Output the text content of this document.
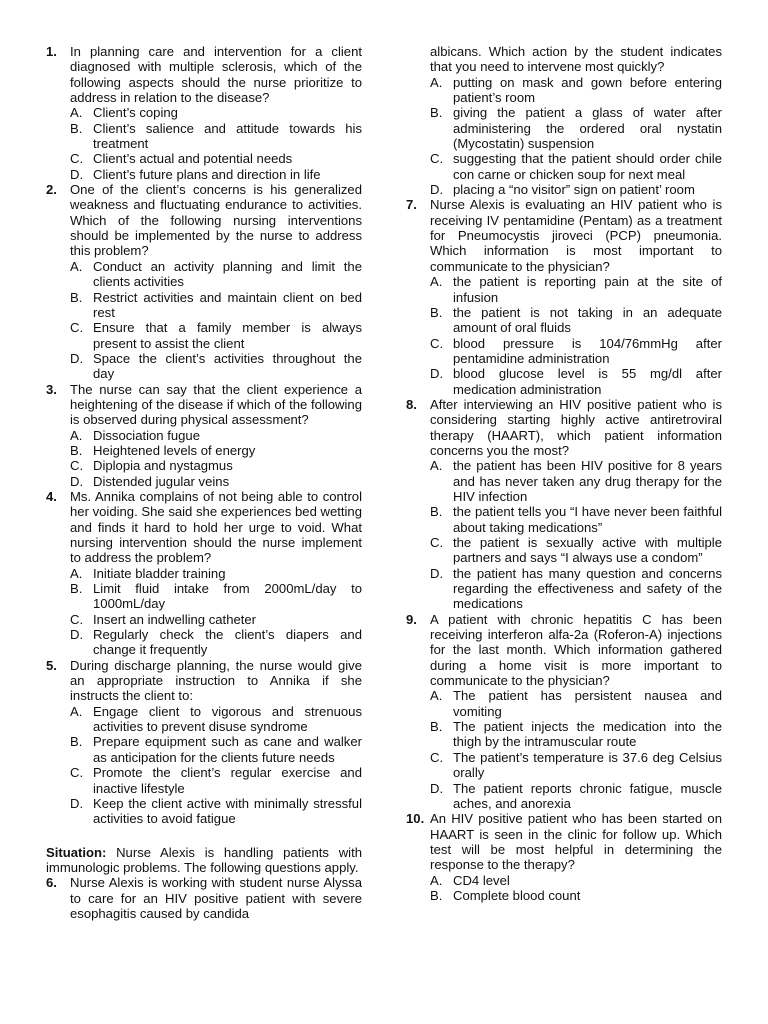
1. In planning care and intervention for a client diagnosed with multiple sclerosis, which of the following aspects should the nurse prioritize to address in relation to the disease?
A. Client’s coping
B. Client’s salience and attitude towards his treatment
C. Client’s actual and potential needs
D. Client’s future plans and direction in life
2. One of the client’s concerns is his generalized weakness and fluctuating endurance to activities. Which of the following nursing interventions should be implemented by the nurse to address this problem?
A. Conduct an activity planning and limit the clients activities
B. Restrict activities and maintain client on bed rest
C. Ensure that a family member is always present to assist the client
D. Space the client’s activities throughout the day
3. The nurse can say that the client experience a heightening of the disease if which of the following is observed during physical assessment?
A. Dissociation fugue
B. Heightened levels of energy
C. Diplopia and nystagmus
D. Distended jugular veins
4. Ms. Annika complains of not being able to control her voiding. She said she experiences bed wetting and finds it hard to hold her urge to void. What nursing intervention should the nurse implement to address the problem?
A. Initiate bladder training
B. Limit fluid intake from 2000mL/day to 1000mL/day
C. Insert an indwelling catheter
D. Regularly check the client’s diapers and change it frequently
5. During discharge planning, the nurse would give an appropriate instruction to Annika if she instructs the client to:
A. Engage client to vigorous and strenuous activities to prevent disuse syndrome
B. Prepare equipment such as cane and walker as anticipation for the clients future needs
C. Promote the client’s regular exercise and inactive lifestyle
D. Keep the client active with minimally stressful activities to avoid fatigue
Situation: Nurse Alexis is handling patients with immunologic problems. The following questions apply.
6. Nurse Alexis is working with student nurse Alyssa to care for an HIV positive patient with severe esophagitis caused by candida
albicans. Which action by the student indicates that you need to intervene most quickly?
A. putting on mask and gown before entering patient’s room
B. giving the patient a glass of water after administering the ordered oral nystatin (Mycostatin) suspension
C. suggesting that the patient should order chile con carne or chicken soup for next meal
D. placing a “no visitor” sign on patient’ room
7. Nurse Alexis is evaluating an HIV patient who is receiving IV pentamidine (Pentam) as a treatment for Pneumocystis jiroveci (PCP) pneumonia. Which information is most important to communicate to the physician?
A. the patient is reporting pain at the site of infusion
B. the patient is not taking in an adequate amount of oral fluids
C. blood pressure is 104/76mmHg after pentamidine administration
D. blood glucose level is 55 mg/dl after medication administration
8. After interviewing an HIV positive patient who is considering starting highly active antiretroviral therapy (HAART), which patient information concerns you the most?
A. the patient has been HIV positive for 8 years and has never taken any drug therapy for the HIV infection
B. the patient tells you “I have never been faithful about taking medications”
C. the patient is sexually active with multiple partners and says “I always use a condom”
D. the patient has many question and concerns regarding the effectiveness and safety of the medications
9. A patient with chronic hepatitis C has been receiving interferon alfa-2a (Roferon-A) injections for the last month. Which information gathered during a home visit is more important to communicate to the physician?
A. The patient has persistent nausea and vomiting
B. The patient injects the medication into the thigh by the intramuscular route
C. The patient’s temperature is 37.6 deg Celsius orally
D. The patient reports chronic fatigue, muscle aches, and anorexia
10. An HIV positive patient who has been started on HAART is seen in the clinic for follow up. Which test will be most helpful in determining the response to the therapy?
A. CD4 level
B. Complete blood count
